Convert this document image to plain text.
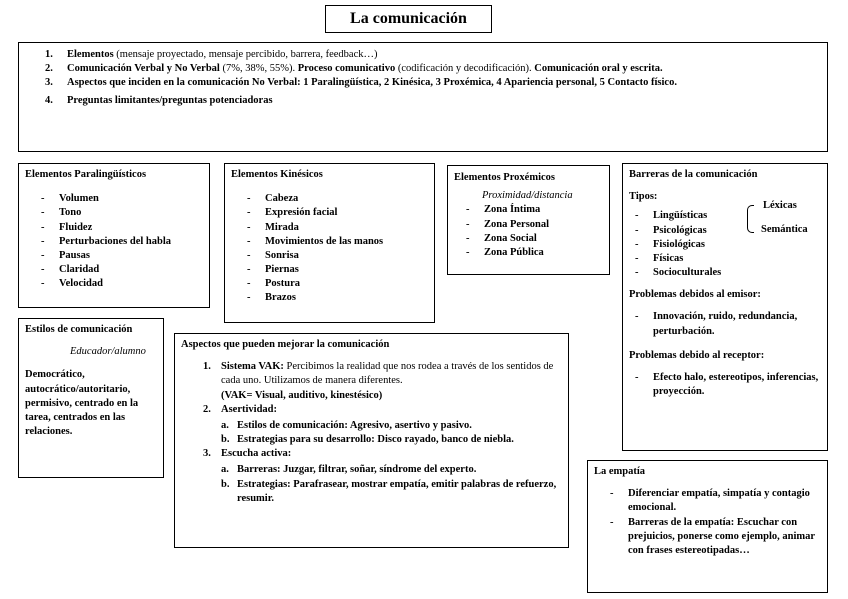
La comunicación
1. Elementos (mensaje proyectado, mensaje percibido, barrera, feedback…)
2. Comunicación Verbal y No Verbal (7%, 38%, 55%). Proceso comunicativo (codificación y decodificación). Comunicación oral y escrita.
3. Aspectos que inciden en la comunicación No Verbal: 1 Paralingüística, 2 Kinésica, 3 Proxémica, 4 Apariencia personal, 5 Contacto físico.
4. Preguntas limitantes/preguntas potenciadoras
Elementos Paralingüísticos
- Volumen
- Tono
- Fluidez
- Perturbaciones del habla
- Pausas
- Claridad
- Velocidad
Elementos Kinésicos
- Cabeza
- Expresión facial
- Mirada
- Movimientos de las manos
- Sonrisa
- Piernas
- Postura
- Brazos
Elementos Proxémicos
Proximidad/distancia
- Zona Íntima
- Zona Personal
- Zona Social
- Zona Pública
Barreras de la comunicación
Tipos:
- Lingüísticas
- Psicológicas
- Fisiológicas
- Físicas
- Socioculturales
Léxicas
Semántica
Problemas debidos al emisor:
- Innovación, ruido, redundancia, perturbación.
Problemas debido al receptor:
- Efecto halo, estereotipos, inferencias, proyección.
Estilos de comunicación
Educador/alumno
Democrático, autocrático/autoritario, permisivo, centrado en la tarea, centrados en las relaciones.
Aspectos que pueden mejorar la comunicación
1. Sistema VAK: Percibimos la realidad que nos rodea a través de los sentidos de cada uno. Utilizamos de manera diferentes.
(VAK= Visual, auditivo, kinestésico)
2. Asertividad:
a. Estilos de comunicación: Agresivo, asertivo y pasivo.
b. Estrategias para su desarrollo: Disco rayado, banco de niebla.
3. Escucha activa:
a. Barreras: Juzgar, filtrar, soñar, síndrome del experto.
b. Estrategias: Parafrasear, mostrar empatía, emitir palabras de refuerzo, resumir.
La empatía
- Diferenciar empatía, simpatía y contagio emocional.
- Barreras de la empatía: Escuchar con prejuicios, ponerse como ejemplo, animar con frases estereotipadas…
